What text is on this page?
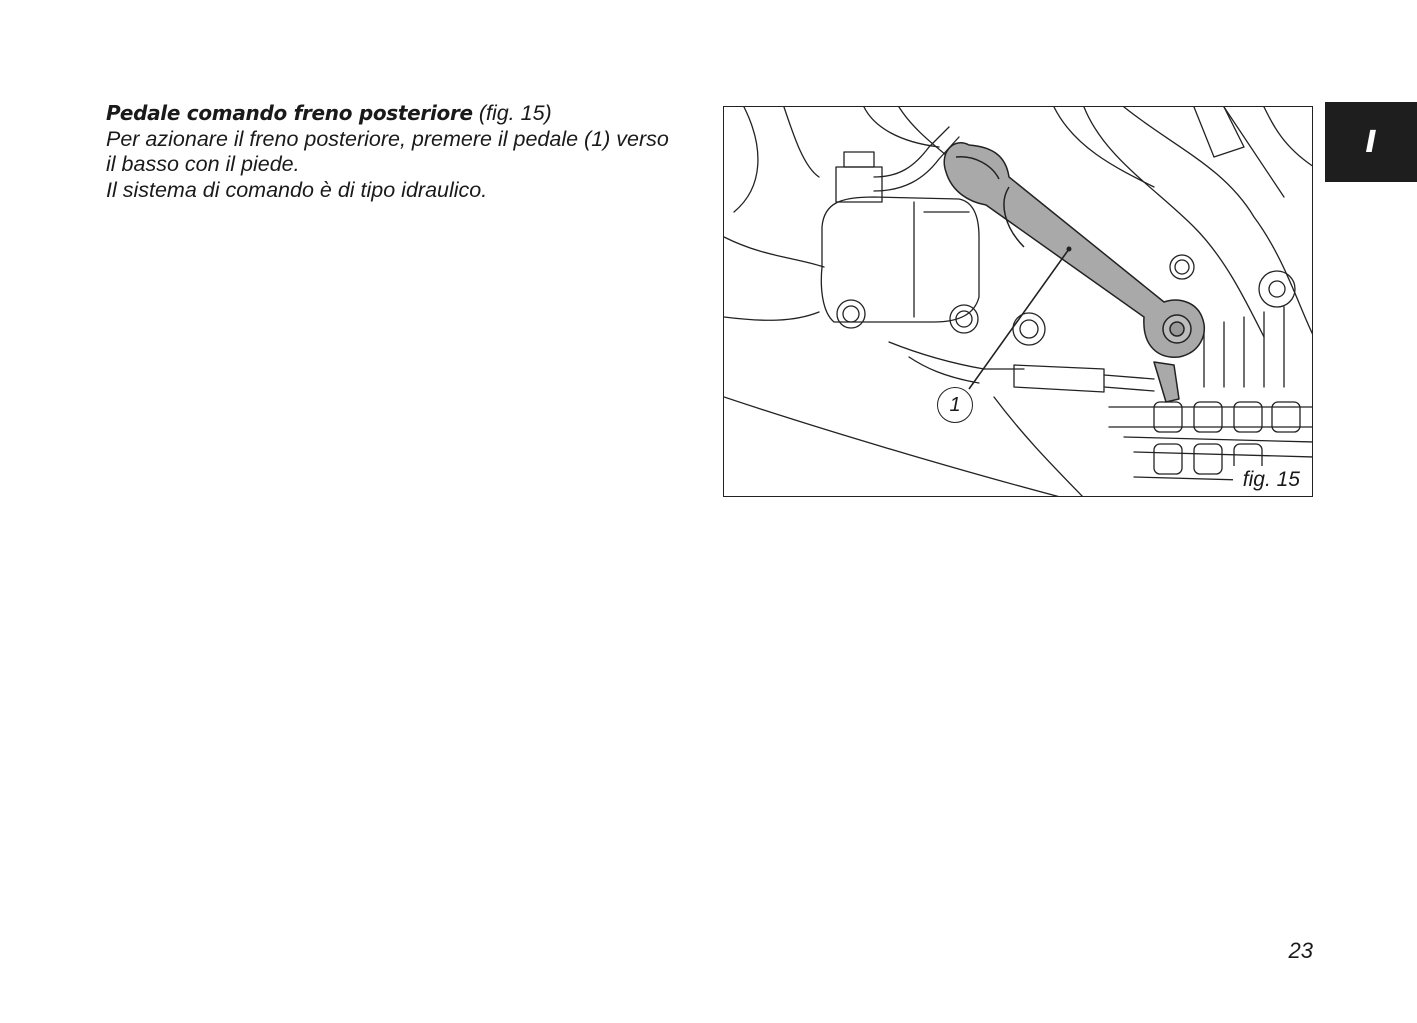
Pedale comando freno posteriore (fig. 15)

Per azionare il freno posteriore, premere il pedale (1) verso

il basso con il piede.

Il sistema di comando è di tipo idraulico.

fig. 15
1
I
23
